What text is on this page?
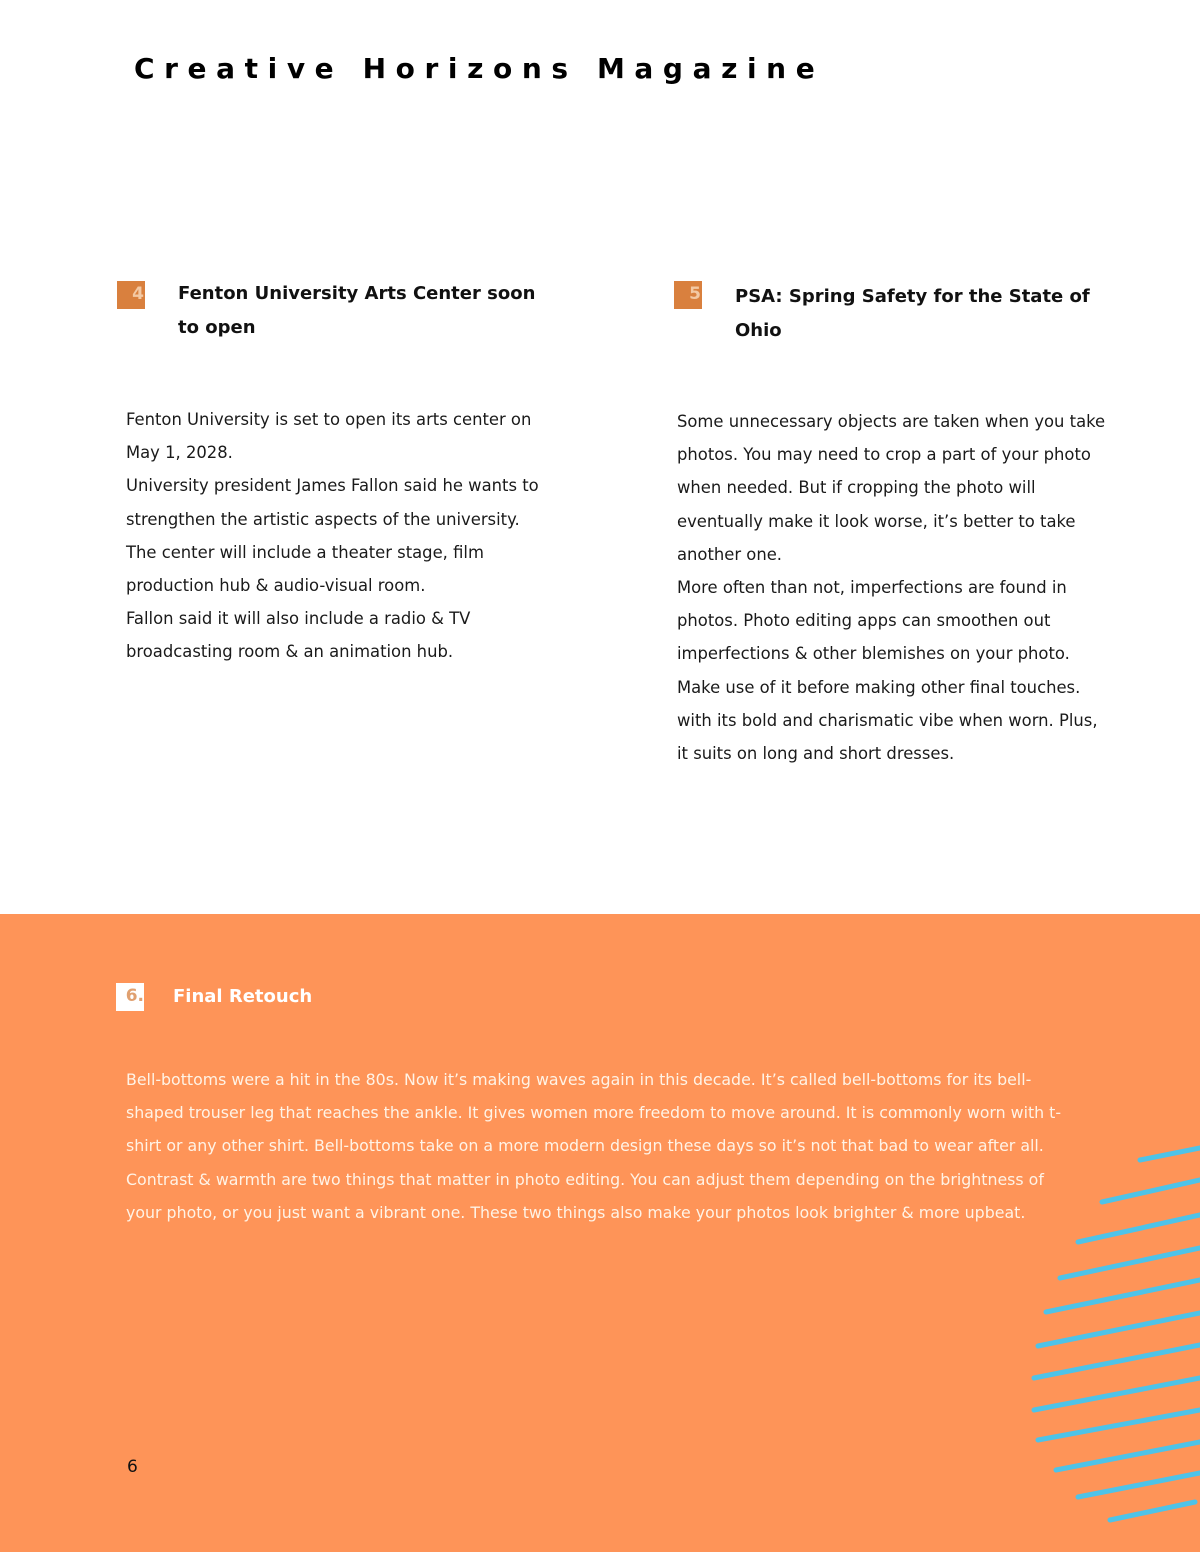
Creative Horizons Magazine
4 Fenton University Arts Center soon to open

Fenton University is set to open its arts center on May 1, 2028.

University president James Fallon said he wants to strengthen the artistic aspects of the university.

The center will include a theater stage, film production hub & audio-visual room.

Fallon said it will also include a radio & TV broadcasting room & an animation hub.

5 PSA: Spring Safety for the State of Ohio

Some unnecessary objects are taken when you take photos. You may need to crop a part of your photo when needed. But if cropping the photo will eventually make it look worse, it’s better to take another one.

More often than not, imperfections are found in photos. Photo editing apps can smoothen out imperfections & other blemishes on your photo. Make use of it before making other final touches. with its bold and charismatic vibe when worn. Plus, it suits on long and short dresses.

6. Final Retouch

Bell-bottoms were a hit in the 80s. Now it’s making waves again in this decade. It’s called bell-bottoms for its bell-shaped trouser leg that reaches the ankle. It gives women more freedom to move around. It is commonly worn with t-shirt or any other shirt. Bell-bottoms take on a more modern design these days so it’s not that bad to wear after all. Contrast & warmth are two things that matter in photo editing. You can adjust them depending on the brightness of your photo, or you just want a vibrant one. These two things also make your photos look brighter & more upbeat.

6
